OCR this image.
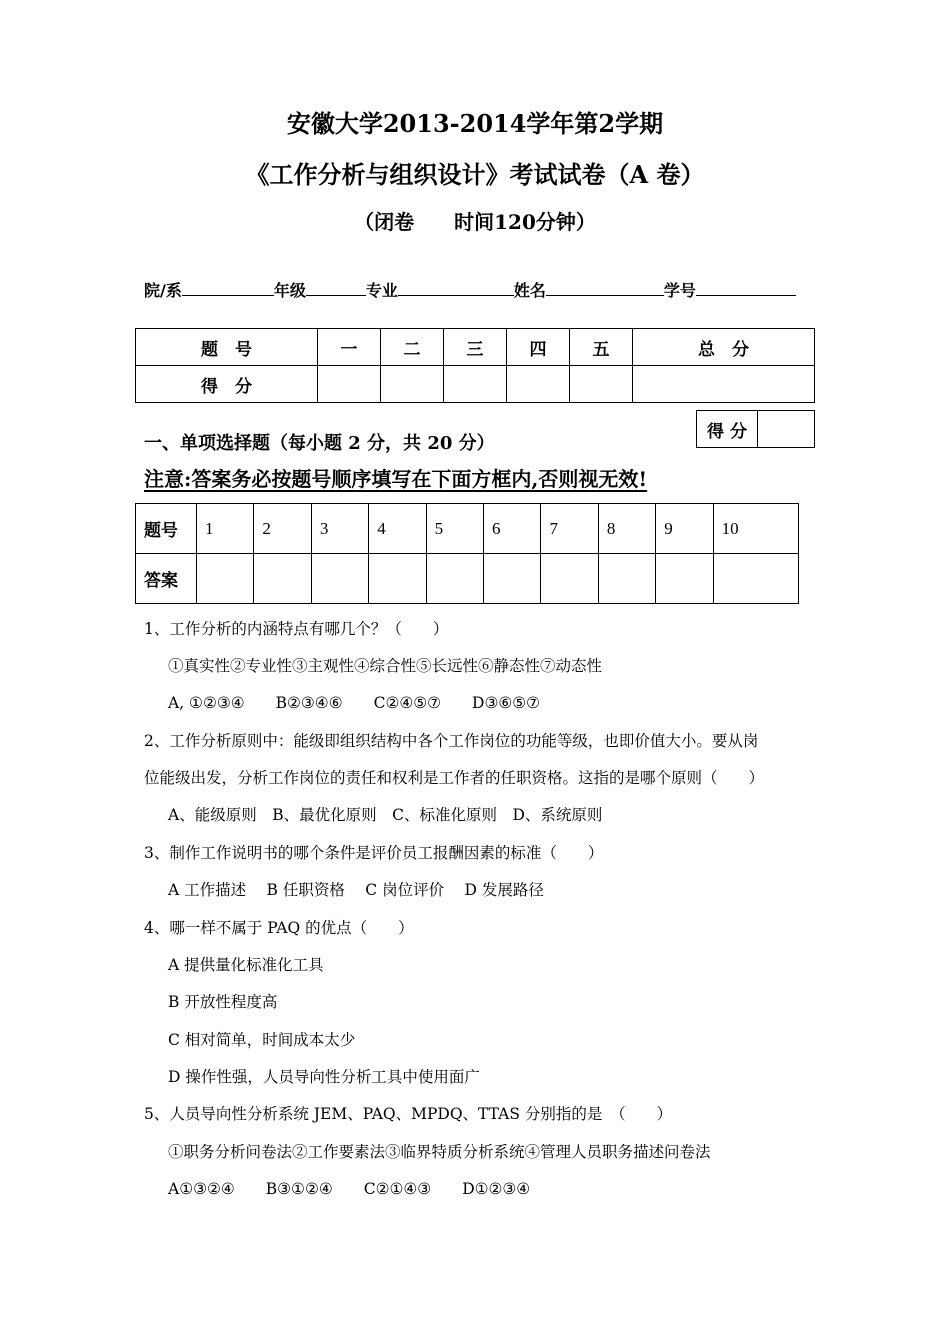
安徽大学2013-2014学年第2学期
《工作分析与组织设计》考试试卷（A 卷）
（闭卷　　时间120分钟）
院/系	年级	专业	姓名	学号
题　号	一	二	三	四	五	总　分
得　分						
得 分	
一、单项选择题（每小题 2 分，共 20 分）
注意:答案务必按题号顺序填写在下面方框内,否则视无效!
题号	1	2	3	4	5	6	7	8	9	10
答案										
1、工作分析的内涵特点有哪几个？（　　）
①真实性②专业性③主观性④综合性⑤长远性⑥静态性⑦动态性
A, ①②③④　　B②③④⑥　　C②④⑤⑦　　D③⑥⑤⑦
2、工作分析原则中：能级即组织结构中各个工作岗位的功能等级，也即价值大小。要从岗
位能级出发，分析工作岗位的责任和权利是工作者的任职资格。这指的是哪个原则（　　）
A、能级原则　B、最优化原则　C、标准化原则　D、系统原则
3、制作工作说明书的哪个条件是评价员工报酬因素的标准（　　）
A 工作描述　 B 任职资格　 C 岗位评价　 D 发展路径
4、哪一样不属于 PAQ 的优点（　　）
A 提供量化标准化工具
B 开放性程度高
C 相对简单，时间成本太少
D 操作性强，人员导向性分析工具中使用面广
5、人员导向性分析系统 JEM、PAQ、MPDQ、TTAS 分别指的是　（　　）
①职务分析问卷法②工作要素法③临界特质分析系统④管理人员职务描述问卷法
A①③②④　　B③①②④　　C②①④③　　D①②③④
